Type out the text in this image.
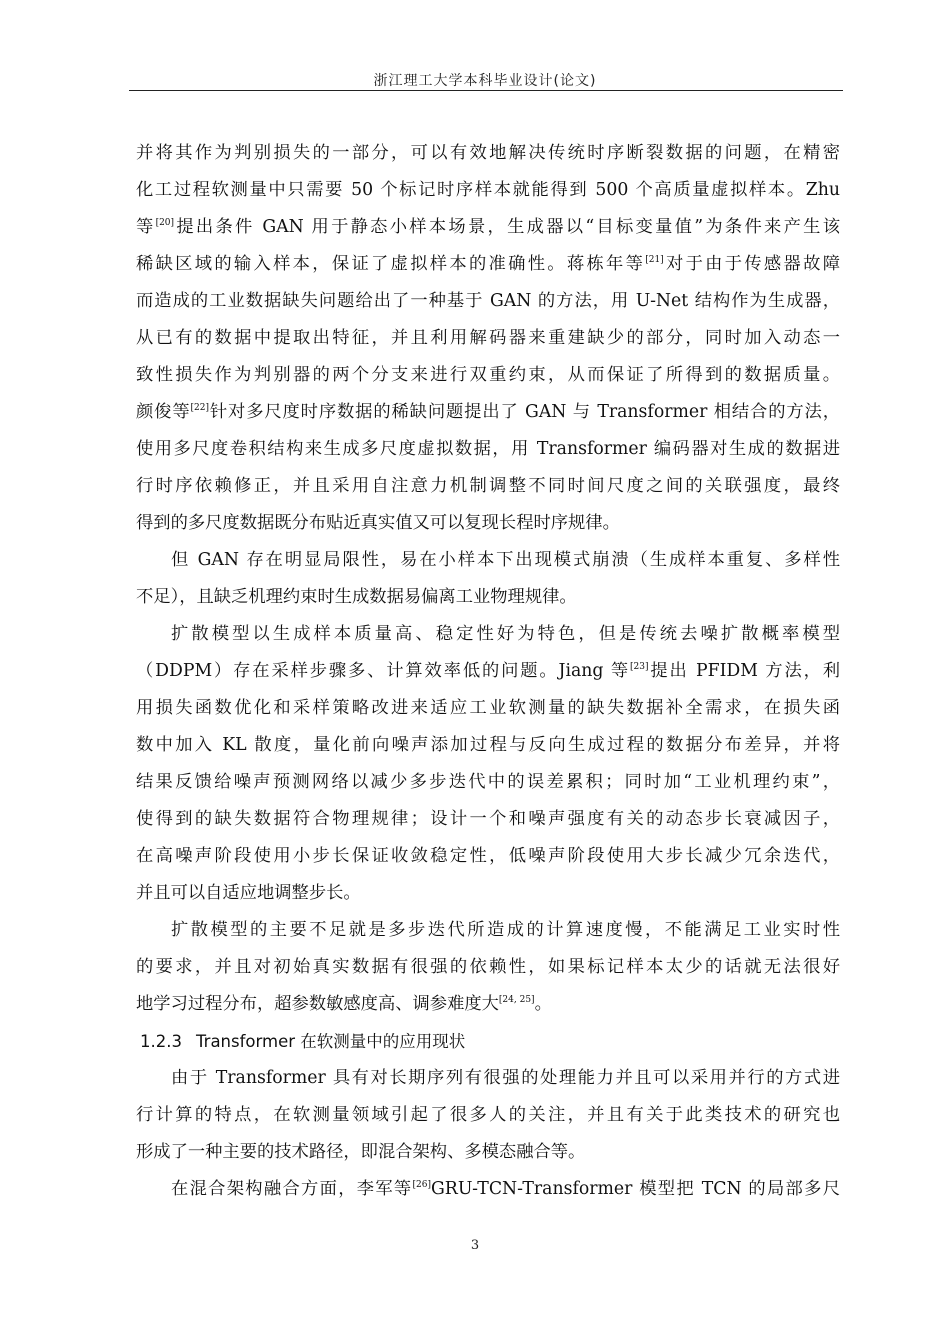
浙江理工大学本科毕业设计(论文)
并将其作为判别损失的一部分，可以有效地解决传统时序断裂数据的问题，在精密
化工过程软测量中只需要 50 个标记时序样本就能得到 500 个高质量虚拟样本。Zhu
等[20]提出条件 GAN 用于静态小样本场景，生成器以“目标变量值”为条件来产生该
稀缺区域的输入样本，保证了虚拟样本的准确性。蒋栋年等[21]对于由于传感器故障
而造成的工业数据缺失问题给出了一种基于 GAN 的方法，用 U-Net 结构作为生成器，
从已有的数据中提取出特征，并且利用解码器来重建缺少的部分，同时加入动态一
致性损失作为判别器的两个分支来进行双重约束，从而保证了所得到的数据质量。
颜俊等[22]针对多尺度时序数据的稀缺问题提出了 GAN 与 Transformer 相结合的方法，
使用多尺度卷积结构来生成多尺度虚拟数据，用 Transformer 编码器对生成的数据进
行时序依赖修正，并且采用自注意力机制调整不同时间尺度之间的关联强度，最终
得到的多尺度数据既分布贴近真实值又可以复现长程时序规律。
但 GAN 存在明显局限性，易在小样本下出现模式崩溃（生成样本重复、多样性
不足），且缺乏机理约束时生成数据易偏离工业物理规律。
扩散模型以生成样本质量高、稳定性好为特色，但是传统去噪扩散概率模型
（DDPM）存在采样步骤多、计算效率低的问题。Jiang 等[23]提出 PFIDM 方法，利
用损失函数优化和采样策略改进来适应工业软测量的缺失数据补全需求，在损失函
数中加入 KL 散度，量化前向噪声添加过程与反向生成过程的数据分布差异，并将
结果反馈给噪声预测网络以减少多步迭代中的误差累积；同时加“工业机理约束”，
使得到的缺失数据符合物理规律；设计一个和噪声强度有关的动态步长衰减因子，
在高噪声阶段使用小步长保证收敛稳定性，低噪声阶段使用大步长减少冗余迭代，
并且可以自适应地调整步长。
扩散模型的主要不足就是多步迭代所造成的计算速度慢，不能满足工业实时性
的要求，并且对初始真实数据有很强的依赖性，如果标记样本太少的话就无法很好
地学习过程分布，超参数敏感度高、调参难度大[24, 25]。
1.2.3 Transformer 在软测量中的应用现状
由于 Transformer 具有对长期序列有很强的处理能力并且可以采用并行的方式进
行计算的特点，在软测量领域引起了很多人的关注，并且有关于此类技术的研究也
形成了一种主要的技术路径，即混合架构、多模态融合等。
在混合架构融合方面，李军等[26]GRU-TCN-Transformer 模型把 TCN 的局部多尺
3
